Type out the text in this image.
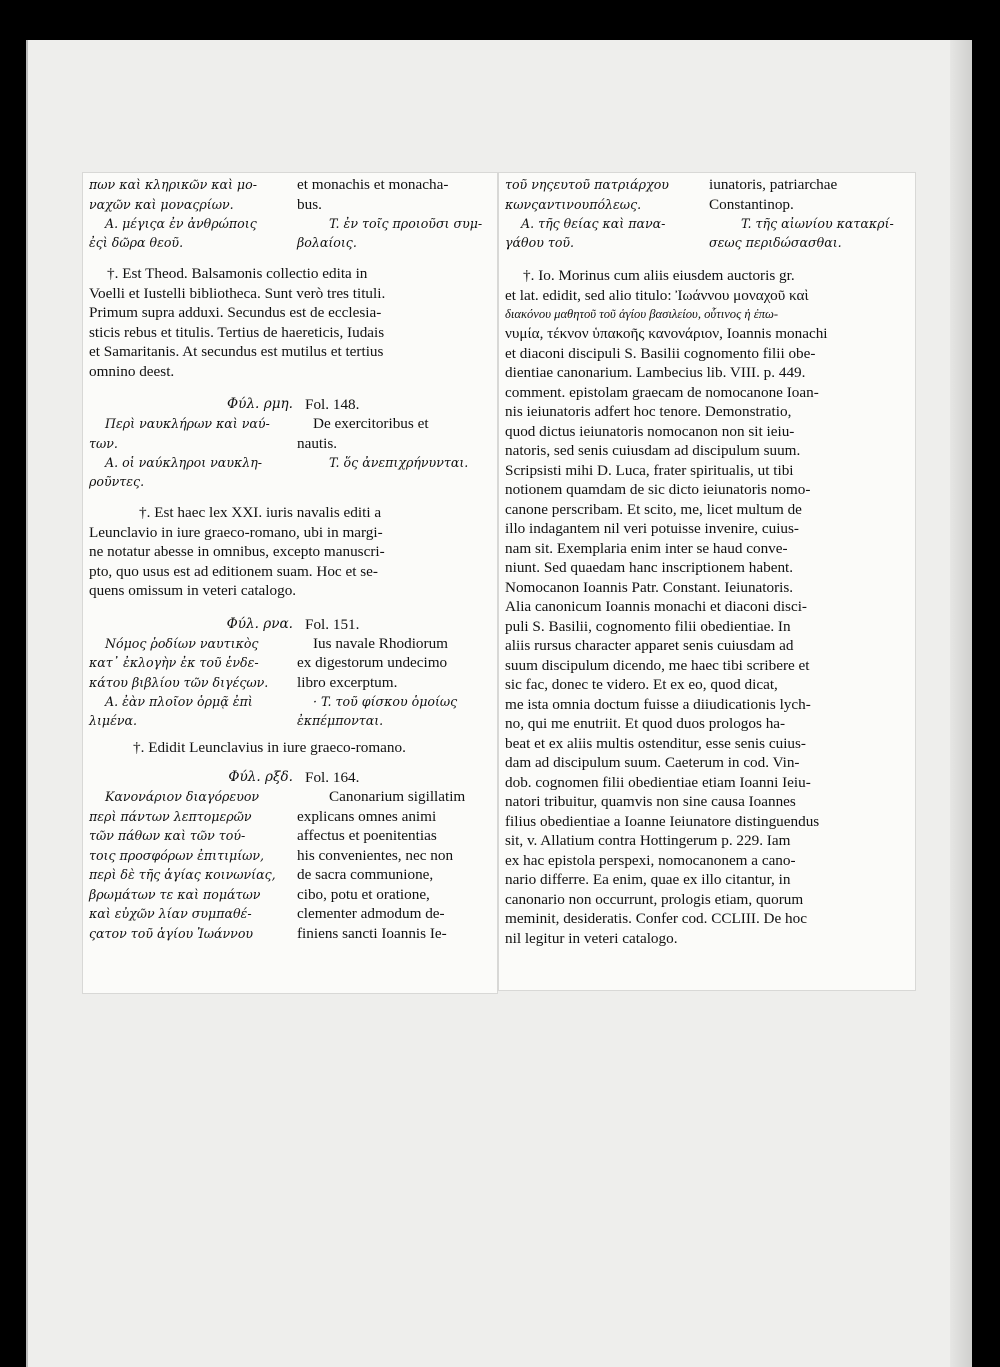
πων καὶ κληρικῶν καὶ μο-	et monachis et monacha-
ναχῶν καὶ μοναςρίων.	bus.
Α. μέγιςα ἐν ἀνθρώποις	T. ἐν τοῖς προιοῦσι συμ-
ἐςὶ δῶρα θεοῦ.	βολαίοις.
†. Est Theod. Balsamonis collectio edita in
Voelli et Iustelli bibliotheca. Sunt verò tres tituli.
Primum supra adduxi. Secundus est de ecclesia-
sticis rebus et titulis. Tertius de haereticis, Iudais
et Samaritanis. At secundus est mutilus et tertius
omnino deest.
Φύλ. ρμη. Fol. 148.
Περὶ ναυκλήρων καὶ ναύ-	De exercitoribus et
των.	nautis.
Α. οἱ ναύκληροι ναυκλη-	T. ὅς ἀνεπιχρήνυνται.
ροῦντες.
†. Est haec lex XXI. iuris navalis editi a
Leunclavio in iure graeco-romano, ubi in margi-
ne notatur abesse in omnibus, excepto manuscri-
pto, quo usus est ad editionem suam. Hoc et se-
quens omissum in veteri catalogo.
Φύλ. ρνα. Fol. 151.
Νόμος ῥοδίων ναυτικὸς	Ius navale Rhodiorum
κατ᾽ ἐκλογὴν ἐκ τοῦ ἑνδε-	ex digestorum undecimo
κάτου βιβλίου τῶν διγέςων.	libro excerptum.
Α. ἐὰν πλοῖον ὁρμᾷ ἐπὶ	· T. τοῦ φίσκου ὁμοίως
λιμένα.	ἐκπέμπονται.
†. Edidit Leunclavius in iure graeco-romano.
Φύλ. ρξδ. Fol. 164.
Κανονάριον διαγόρευον	Canonarium sigillatim
περὶ πάντων λεπτομερῶν	explicans omnes animi
τῶν πάθων καὶ τῶν τού-	affectus et poenitentias
τοις προσφόρων ἐπιτιμίων,	his convenientes, nec non
περὶ δὲ τῆς ἁγίας κοινωνίας,	de sacra communione,
βρωμάτων τε καὶ πομάτων	cibo, potu et oratione,
καὶ εὐχῶν λίαν συμπαθέ-	clementer admodum de-
ςατον τοῦ ἁγίου Ἰωάννου	finiens sancti Ioannis Ie-
τοῦ νηςευτοῦ πατριάρχου	iunatoris, patriarchae
κωνςαντινουπόλεως.	Constantinop.
Α. τῆς θείας καὶ πανα-	T. τῆς αἰωνίου κατακρί-
γάθου τοῦ.	σεως περιδώσασθαι.
†. Io. Morinus cum aliis eiusdem auctoris gr.
et lat. edidit, sed alio titulo: Ἰωάννου μοναχοῦ καὶ
διακόνου μαθητοῦ τοῦ ἁγίου βασιλείου, οὗτινος ἡ ἐπω-
νυμία, τέκνον ὑπακοῆς κανονάριον, Ioannis monachi
et diaconi discipuli S. Basilii cognomento filii obe-
dientiae canonarium. Lambecius lib. VIII. p. 449.
comment. epistolam graecam de nomocanone Ioan-
nis ieiunatoris adfert hoc tenore. Demonstratio,
quod dictus ieiunatoris nomocanon non sit ieiu-
natoris, sed senis cuiusdam ad discipulum suum.
Scripsisti mihi D. Luca, frater spiritualis, ut tibi
notionem quamdam de sic dicto ieiunatoris nomo-
canone perscribam. Et scito, me, licet multum de
illo indagantem nil veri potuisse invenire, cuius-
nam sit. Exemplaria enim inter se haud conve-
niunt. Sed quaedam hanc inscriptionem habent.
Nomocanon Ioannis Patr. Constant. Ieiunatoris.
Alia canonicum Ioannis monachi et diaconi disci-
puli S. Basilii, cognomento filii obedientiae. In
aliis rursus character apparet senis cuiusdam ad
suum discipulum dicendo, me haec tibi scribere et
sic fac, donec te videro. Et ex eo, quod dicat,
me ista omnia doctum fuisse a diiudicationis lych-
no, qui me enutriit. Et quod duos prologos ha-
beat et ex aliis multis ostenditur, esse senis cuius-
dam ad discipulum suum. Caeterum in cod. Vin-
dob. cognomen filii obedientiae etiam Ioanni Ieiu-
natori tribuitur, quamvis non sine causa Ioannes
filius obedientiae a Ioanne Ieiunatore distinguendus
sit, v. Allatium contra Hottingerum p. 229. Iam
ex hac epistola perspexi, nomocanonem a cano-
nario differre. Ea enim, quae ex illo citantur, in
canonario non occurrunt, prologis etiam, quorum
meminit, desideratis. Confer cod. CCLIII. De hoc
nil legitur in veteri catalogo.
